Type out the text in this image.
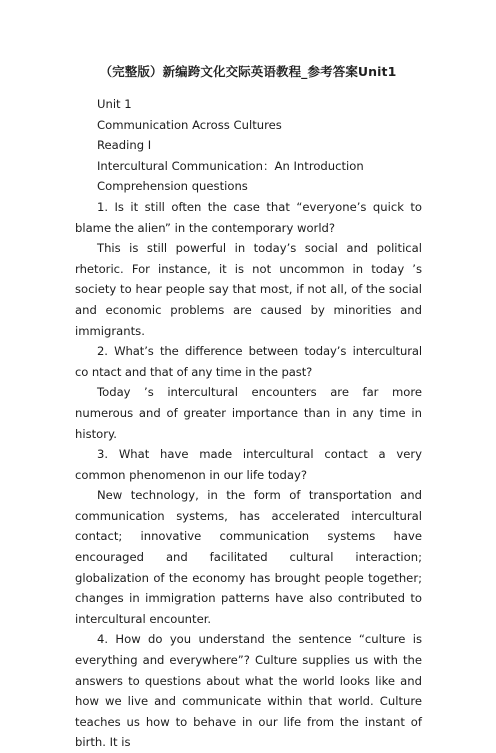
（完整版）新编跨文化交际英语教程_参考答案Unit1

Unit 1

Communication Across Cultures

Reading I

Intercultural Communication：An Introduction

Comprehension questions

1. Is it still often the case that “everyone’s quick to blame the alien” in the contemporary world?

This is still powerful in today’s social and political rhetoric. For instance, it is not uncommon in today ’s society to hear people say that most, if not all, of the social and economic problems are caused by minorities and immigrants.

2. What’s the difference between today’s intercultural co ntact and that of any time in the past?

Today ’s intercultural encounters are far more numerous and of greater importance than in any time in history.

3. What have made intercultural contact a very common phenomenon in our life today?

New technology, in the form of transportation and communication systems, has accelerated intercultural contact; innovative communication systems have encouraged and facilitated cultural interaction; globalization of the economy has brought people together; changes in immigration patterns have also contributed to intercultural encounter.

4. How do you understand the sentence “culture is everything and everywhere”? Culture supplies us with the answers to questions about what the world looks like and how we live and communicate within that world. Culture teaches us how to behave in our life from the instant of birth. It is
